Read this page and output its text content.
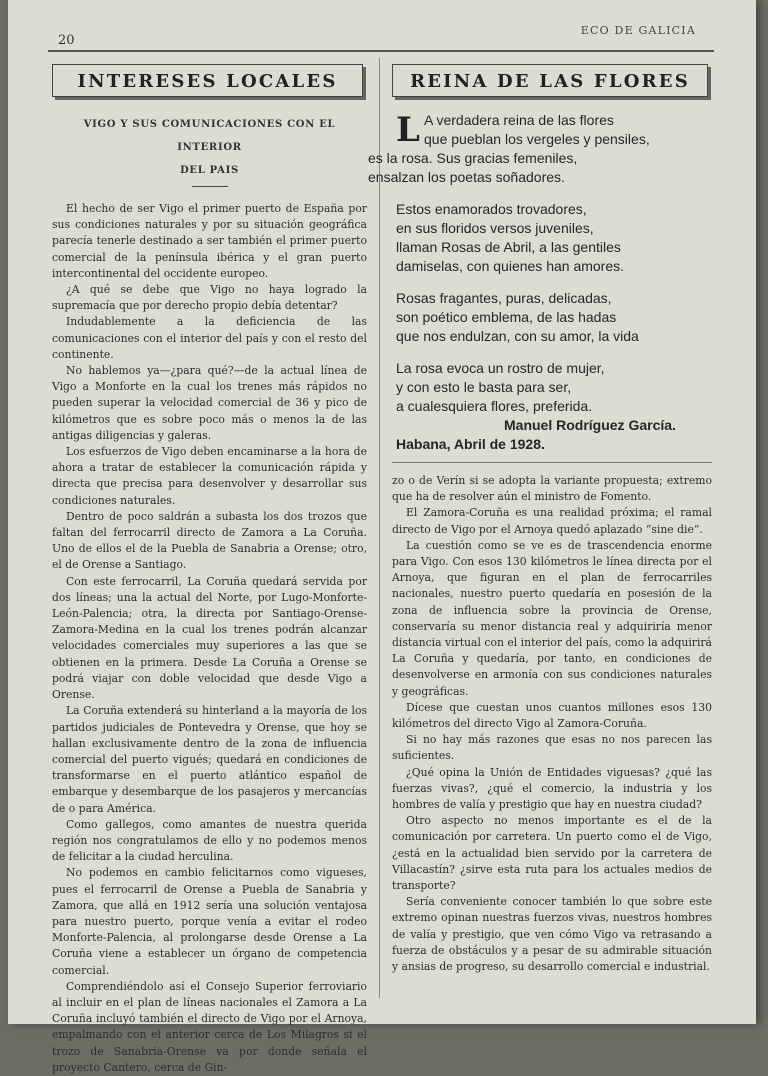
20
ECO DE GALICIA
INTERESES LOCALES
VIGO Y SUS COMUNICACIONES CON EL INTERIOR
DEL PAIS

El hecho de ser Vigo el primer puerto de España por sus condiciones naturales y por su situación geográfica parecía tenerle destinado a ser también el primer puerto comercial de la península ibérica y el gran puerto intercontinental del occidente europeo.

¿A qué se debe que Vigo no haya logrado la supremacía que por derecho propio debía detentar?

Indudablemente a la deficiencia de las comunicaciones con el interior del país y con el resto del continente.

No hablemos ya—¿para qué?—de la actual línea de Vigo a Monforte en la cual los trenes más rápidos no pueden superar la velocidad comercial de 36 y pico de kilómetros que es sobre poco más o menos la de las antigas diligencias y galeras.

Los esfuerzos de Vigo deben encaminarse a la hora de ahora a tratar de establecer la comunicación rápida y directa que precisa para desenvolver y desarrollar sus condiciones naturales.

Dentro de poco saldrán a subasta los dos trozos que faltan del ferrocarril directo de Zamora a La Coruña. Uno de ellos el de la Puebla de Sanabria a Orense; otro, el de Orense a Santiago.

Con este ferrocarril, La Coruña quedará servida por dos líneas; una la actual del Norte, por Lugo-Monforte-León-Palencia; otra, la directa por Santiago-Orense-Zamora-Medina en la cual los trenes podrán alcanzar velocidades comerciales muy superiores a las que se obtienen en la primera. Desde La Coruña a Orense se podrá viajar con doble velocidad que desde Vigo a Orense.

La Coruña extenderá su hinterland a la mayoría de los partidos judiciales de Pontevedra y Orense, que hoy se hallan exclusivamente dentro de la zona de influencia comercial del puerto vigués; quedará en condiciones de transformarse en el puerto atlántico español de embarque y desembarque de los pasajeros y mercancías de o para América.

Como gallegos, como amantes de nuestra querida región nos congratulamos de ello y no podemos menos de felicitar a la ciudad herculina.

No podemos en cambio felicitarnos como vigueses, pues el ferrocarril de Orense a Puebla de Sanabria y Zamora, que allá en 1912 sería una solución ventajosa para nuestro puerto, porque venía a evitar el rodeo Monforte-Palencia, al prolongarse desde Orense a La Coruña viene a establecer un órgano de competencia comercial.

Comprendiéndolo así el Consejo Superior ferroviario al incluir en el plan de líneas nacionales el Zamora a La Coruña incluyó también el directo de Vigo por el Arnoya, empalmando con el anterior cerca de Los Milagros si el trozo de Sanabria-Orense va por donde señala el proyecto Cantero, cerca de Gin-

REINA DE LAS FLORES
L A verdadera reina de las flores
que pueblan los vergeles y pensiles,
es la rosa. Sus gracias femeniles,
ensalzan los poetas soñadores.
Estos enamorados trovadores,
en sus floridos versos juveniles,
llaman Rosas de Abril, a las gentiles
damiselas, con quienes han amores.
Rosas fragantes, puras, delicadas,
son poético emblema, de las hadas
que nos endulzan, con su amor, la vida
La rosa evoca un rostro de mujer,
y con esto le basta para ser,
a cualesquiera flores, preferida.
Manuel Rodríguez García.
Habana, Abril de 1928.

zo o de Verín si se adopta la variante propuesta; extremo que ha de resolver aún el ministro de Fomento.

El Zamora-Coruña es una realidad próxima; el ramal directo de Vigo por el Arnoya quedó aplazado “sine die”.

La cuestión como se ve es de trascendencia enorme para Vigo. Con esos 130 kilómetros le línea directa por el Arnoya, que figuran en el plan de ferrocarriles nacionales, nuestro puerto quedaría en posesión de la zona de influencia sobre la provincia de Orense, conservaría su menor distancia real y adquiriría menor distancia virtual con el interior del país, como la adquirirá La Coruña y quedaría, por tanto, en condiciones de desenvolverse en armonía con sus condiciones naturales y geográficas.

Dícese que cuestan unos cuantos millones esos 130 kilómetros del directo Vigo al Zamora-Coruña.

Si no hay más razones que esas no nos parecen las suficientes.

¿Qué opina la Unión de Entidades viguesas? ¿qué las fuerzas vivas?, ¿qué el comercio, la industria y los hombres de valía y prestigio que hay en nuestra ciudad?

Otro aspecto no menos importante es el de la comunicación por carretera. Un puerto como el de Vigo, ¿está en la actualidad bien servido por la carretera de Villacastín? ¿sirve esta ruta para los actuales medios de transporte?

Sería conveniente conocer también lo que sobre este extremo opinan nuestras fuerzos vivas, nuestros hombres de valía y prestigio, que ven cómo Vigo va retrasando a fuerza de obstáculos y a pesar de su admirable situación y ansias de progreso, su desarrollo comercial e industrial.
